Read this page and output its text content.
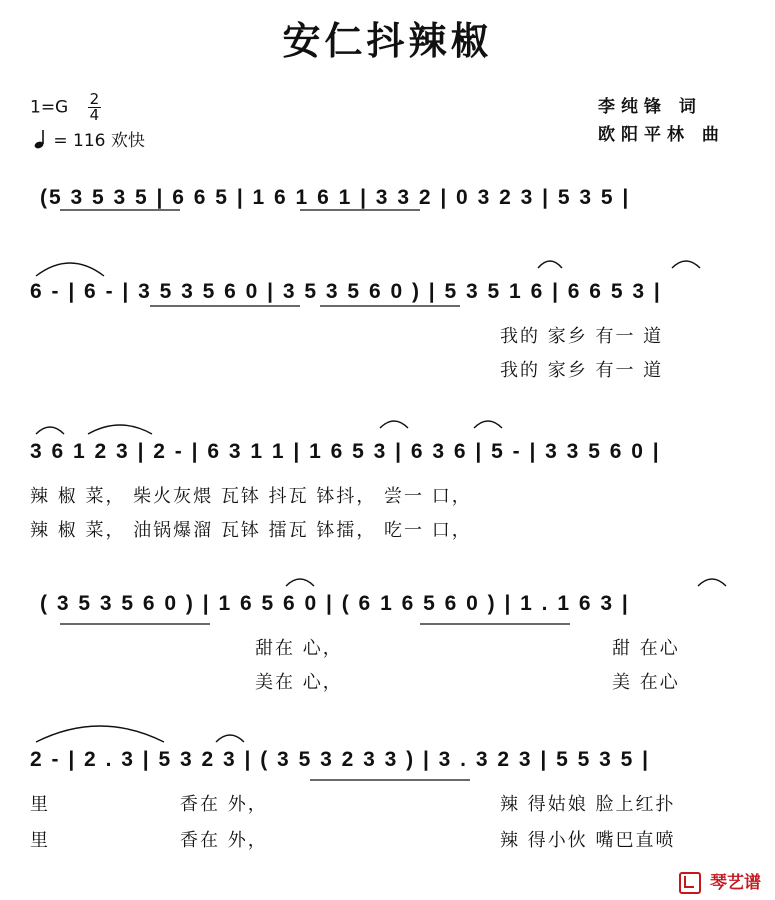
安仁抖辣椒
$1=G \frac{2}{4}$
= 116 欢快
李纯锋 词
欧阳平林 曲
(5 3 5 3 5 | 6 6 5 | 1 6 1 6 1 | 3 3 2 | 0 3 2 3 | 5 3 5 |
6 - | 6 - | 3 5 3 5 6 0 | 3 5 3 5 6 0 ) | 5 3 5 1 6 | 6 6 5 3 |
我的 家乡 有一 道
我的 家乡 有一 道
3 6 1 2 3 | 2 - | 6 3 1 1 | 1 6 5 3 | 6 3 6 | 5 - | 3 3 5 6 0 |
辣 椒 菜， 柴火灰煨 瓦钵 抖瓦 钵抖， 尝一 口，
辣 椒 菜， 油锅爆溜 瓦钵 擂瓦 钵擂， 吃一 口，
( 3 5 3 5 6 0 ) | 1 6 5 6 0 | ( 6 1 6 5 6 0 ) | 1 . 1 6 3 |
甜在 心，
美在 心，
甜 在心
美 在心
2 - | 2 . 3 | 5 3 2 3 | ( 3 5 3 2 3 3 ) | 3 . 3 2 3 | 5 5 3 5 |
里	香在 外，	辣 得姑娘 脸上红扑
里	香在 外，	辣 得小伙 嘴巴直喷
琴艺谱
